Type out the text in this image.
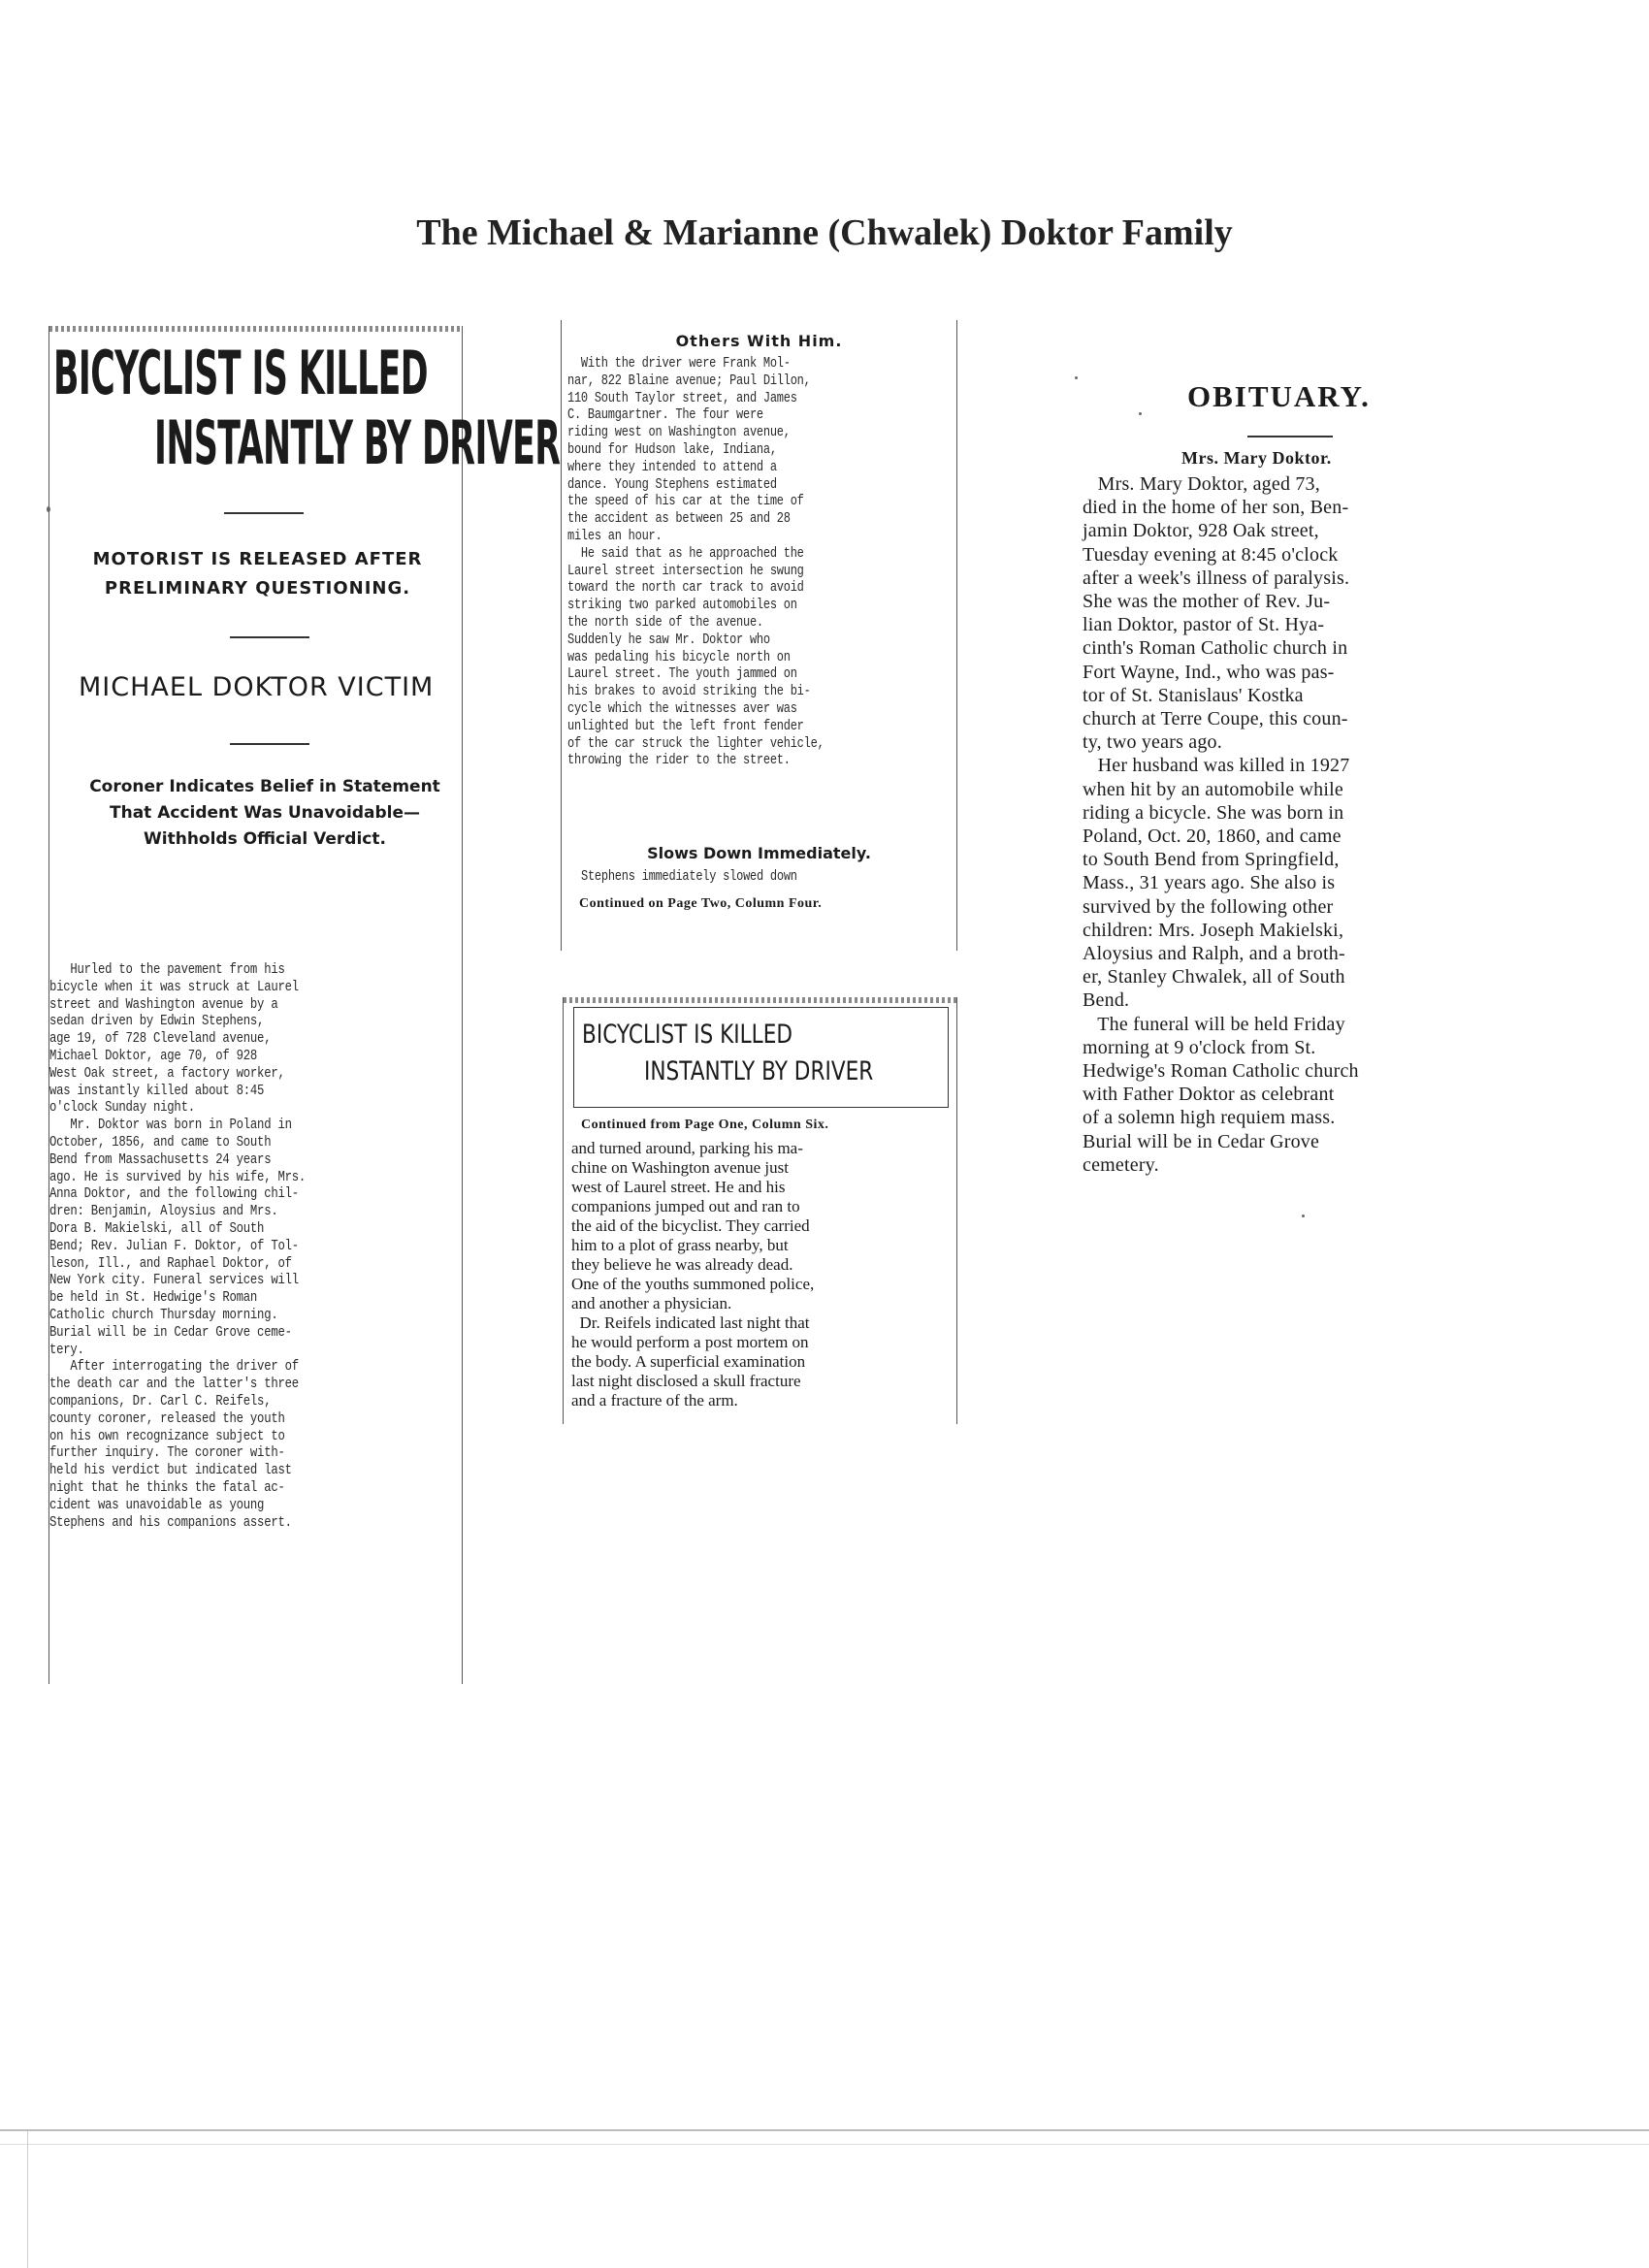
The Michael & Marianne (Chwalek) Doktor Family
BICYCLIST IS KILLED
INSTANTLY BY DRIVER
MOTORIST IS RELEASED AFTER PRELIMINARY QUESTIONING.
MICHAEL DOKTOR VICTIM
Coroner Indicates Belief in Statement That Accident Was Unavoidable—Withholds Official Verdict.
Hurled to the pavement from his
bicycle when it was struck at Laurel
street and Washington avenue by a
sedan driven by Edwin Stephens,
age 19, of 728 Cleveland avenue,
Michael Doktor, age 70, of 928
West Oak street, a factory worker,
was instantly killed about 8:45
o'clock Sunday night.
Mr. Doktor was born in Poland in
October, 1856, and came to South
Bend from Massachusetts 24 years
ago. He is survived by his wife, Mrs.
Anna Doktor, and the following chil-
dren: Benjamin, Aloysius and Mrs.
Dora B. Makielski, all of South
Bend; Rev. Julian F. Doktor, of Tol-
leson, Ill., and Raphael Doktor, of
New York city. Funeral services will
be held in St. Hedwige's Roman
Catholic church Thursday morning.
Burial will be in Cedar Grove ceme-
tery.
After interrogating the driver of
the death car and the latter's three
companions, Dr. Carl C. Reifels,
county coroner, released the youth
on his own recognizance subject to
further inquiry. The coroner with-
held his verdict but indicated last
night that he thinks the fatal ac-
cident was unavoidable as young
Stephens and his companions assert.
Others With Him.
With the driver were Frank Mol-
nar, 822 Blaine avenue; Paul Dillon,
110 South Taylor street, and James
C. Baumgartner. The four were
riding west on Washington avenue,
bound for Hudson lake, Indiana,
where they intended to attend a
dance. Young Stephens estimated
the speed of his car at the time of
the accident as between 25 and 28
miles an hour.
He said that as he approached the
Laurel street intersection he swung
toward the north car track to avoid
striking two parked automobiles on
the north side of the avenue.
Suddenly he saw Mr. Doktor who
was pedaling his bicycle north on
Laurel street. The youth jammed on
his brakes to avoid striking the bi-
cycle which the witnesses aver was
unlighted but the left front fender
of the car struck the lighter vehicle,
throwing the rider to the street.
Slows Down Immediately.
Stephens immediately slowed down
Continued on Page Two, Column Four.
BICYCLIST IS KILLED
INSTANTLY BY DRIVER
Continued from Page One, Column Six.
and turned around, parking his ma-
chine on Washington avenue just
west of Laurel street. He and his
companions jumped out and ran to
the aid of the bicyclist. They carried
him to a plot of grass nearby, but
they believe he was already dead.
One of the youths summoned police,
and another a physician.
Dr. Reifels indicated last night that
he would perform a post mortem on
the body. A superficial examination
last night disclosed a skull fracture
and a fracture of the arm.
OBITUARY.
Mrs. Mary Doktor.
Mrs. Mary Doktor, aged 73,
died in the home of her son, Ben-
jamin Doktor, 928 Oak street,
Tuesday evening at 8:45 o'clock
after a week's illness of paralysis.
She was the mother of Rev. Ju-
lian Doktor, pastor of St. Hya-
cinth's Roman Catholic church in
Fort Wayne, Ind., who was pas-
tor of St. Stanislaus' Kostka
church at Terre Coupe, this coun-
ty, two years ago.
Her husband was killed in 1927
when hit by an automobile while
riding a bicycle. She was born in
Poland, Oct. 20, 1860, and came
to South Bend from Springfield,
Mass., 31 years ago. She also is
survived by the following other
children: Mrs. Joseph Makielski,
Aloysius and Ralph, and a broth-
er, Stanley Chwalek, all of South
Bend.
The funeral will be held Friday
morning at 9 o'clock from St.
Hedwige's Roman Catholic church
with Father Doktor as celebrant
of a solemn high requiem mass.
Burial will be in Cedar Grove
cemetery.
